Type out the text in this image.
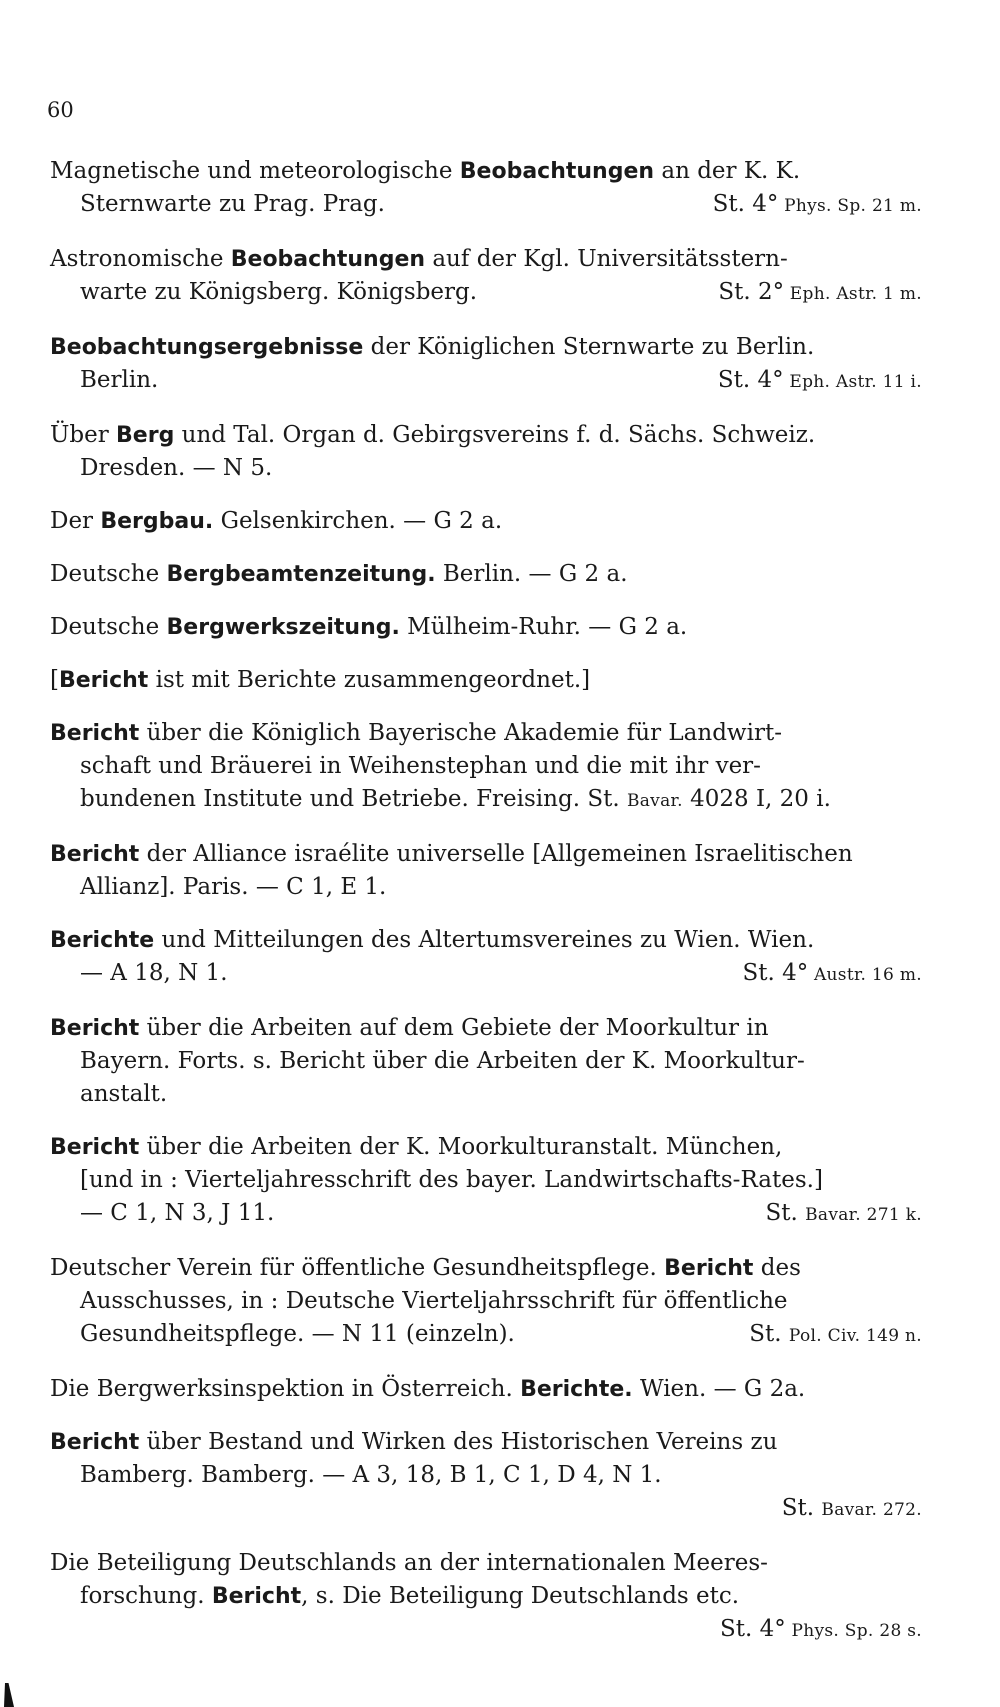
60
Magnetische und meteorologische Beobachtungen an der K. K.
Sternwarte zu Prag. Prag.	St. 4° Phys. Sp. 21 m.
Astronomische Beobachtungen auf der Kgl. Universitätsstern-
warte zu Königsberg. Königsberg.	St. 2° Eph. Astr. 1 m.
Beobachtungsergebnisse der Königlichen Sternwarte zu Berlin.
Berlin.	St. 4° Eph. Astr. 11 i.
Über Berg und Tal. Organ d. Gebirgsvereins f. d. Sächs. Schweiz.
Dresden. — N 5.
Der Bergbau. Gelsenkirchen. — G 2 a.
Deutsche Bergbeamtenzeitung. Berlin. — G 2 a.
Deutsche Bergwerkszeitung. Mülheim-Ruhr. — G 2 a.
[Bericht ist mit Berichte zusammengeordnet.]
Bericht über die Königlich Bayerische Akademie für Landwirt-
schaft und Bräuerei in Weihenstephan und die mit ihr ver-
bundenen Institute und Betriebe. Freising. St. Bavar. 4028 I, 20 i.
Bericht der Alliance israélite universelle [Allgemeinen Israelitischen
Allianz]. Paris. — C 1, E 1.
Berichte und Mitteilungen des Altertumsvereines zu Wien. Wien.
— A 18, N 1.	St. 4° Austr. 16 m.
Bericht über die Arbeiten auf dem Gebiete der Moorkultur in
Bayern. Forts. s. Bericht über die Arbeiten der K. Moorkultur-
anstalt.
Bericht über die Arbeiten der K. Moorkulturanstalt. München,
[und in : Vierteljahresschrift des bayer. Landwirtschafts-Rates.]
— C 1, N 3, J 11.	St. Bavar. 271 k.
Deutscher Verein für öffentliche Gesundheitspflege. Bericht des
Ausschusses, in : Deutsche Vierteljahrsschrift für öffentliche
Gesundheitspflege. — N 11 (einzeln).	St. Pol. Civ. 149 n.
Die Bergwerksinspektion in Österreich. Berichte. Wien. — G 2a.
Bericht über Bestand und Wirken des Historischen Vereins zu
Bamberg. Bamberg. — A 3, 18, B 1, C 1, D 4, N 1.
St. Bavar. 272.
Die Beteiligung Deutschlands an der internationalen Meeres-
forschung. Bericht, s. Die Beteiligung Deutschlands etc.
St. 4° Phys. Sp. 28 s.
